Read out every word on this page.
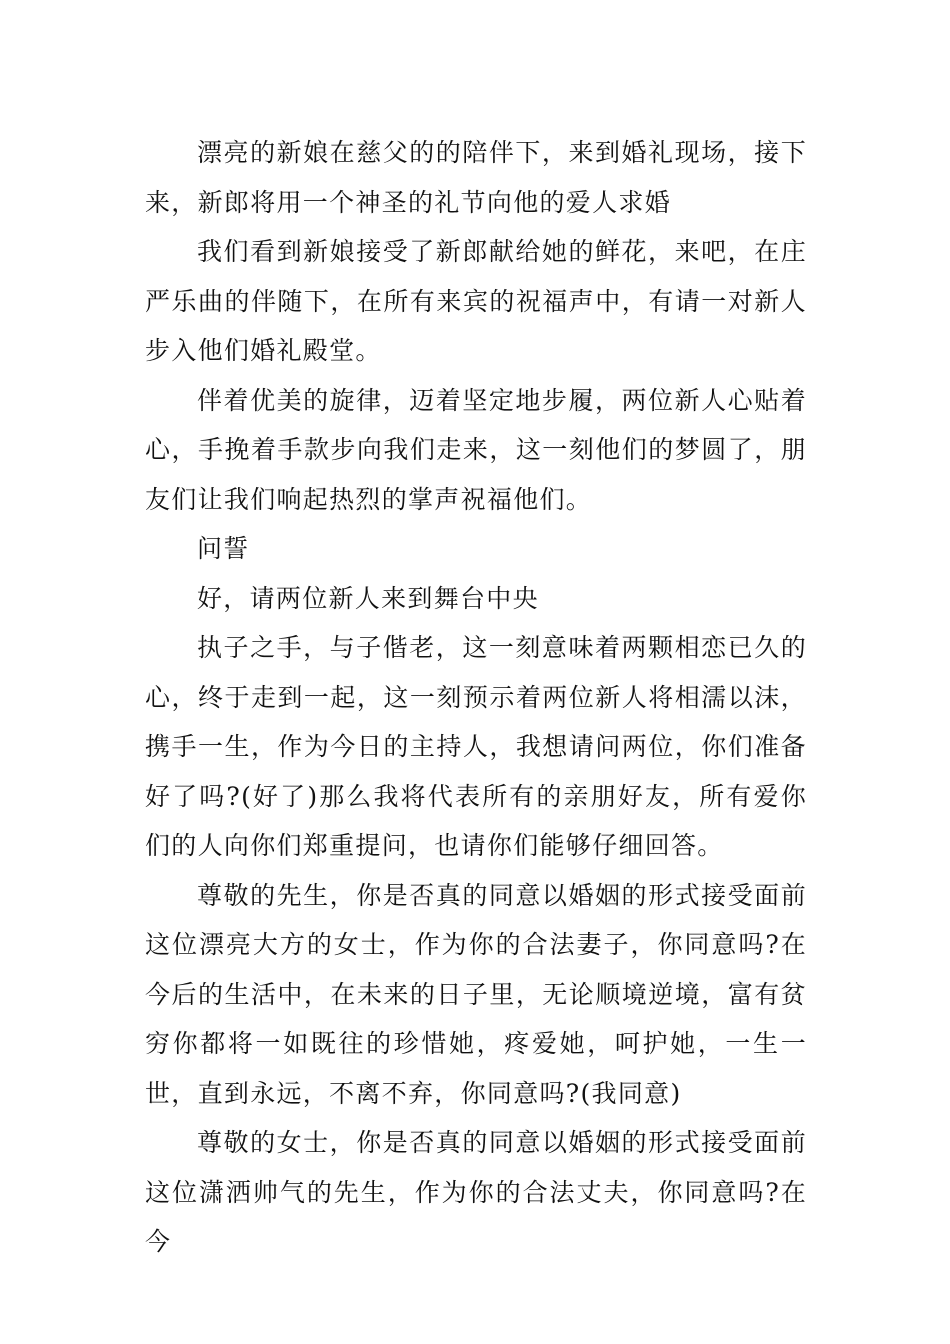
漂亮的新娘在慈父的的陪伴下，来到婚礼现场，接下来，新郎将用一个神圣的礼节向他的爱人求婚

我们看到新娘接受了新郎献给她的鲜花，来吧，在庄严乐曲的伴随下，在所有来宾的祝福声中，有请一对新人步入他们婚礼殿堂。

伴着优美的旋律，迈着坚定地步履，两位新人心贴着心，手挽着手款步向我们走来，这一刻他们的梦圆了，朋友们让我们响起热烈的掌声祝福他们。

问誓

好，请两位新人来到舞台中央

执子之手，与子偕老，这一刻意味着两颗相恋已久的心，终于走到一起，这一刻预示着两位新人将相濡以沫，携手一生，作为今日的主持人，我想请问两位，你们准备好了吗?(好了)那么我将代表所有的亲朋好友，所有爱你们的人向你们郑重提问，也请你们能够仔细回答。

尊敬的先生，你是否真的同意以婚姻的形式接受面前这位漂亮大方的女士，作为你的合法妻子，你同意吗?在今后的生活中，在未来的日子里，无论顺境逆境，富有贫穷你都将一如既往的珍惜她，疼爱她，呵护她，一生一世，直到永远，不离不弃，你同意吗?(我同意)

尊敬的女士，你是否真的同意以婚姻的形式接受面前这位潇洒帅气的先生，作为你的合法丈夫，你同意吗?在今
